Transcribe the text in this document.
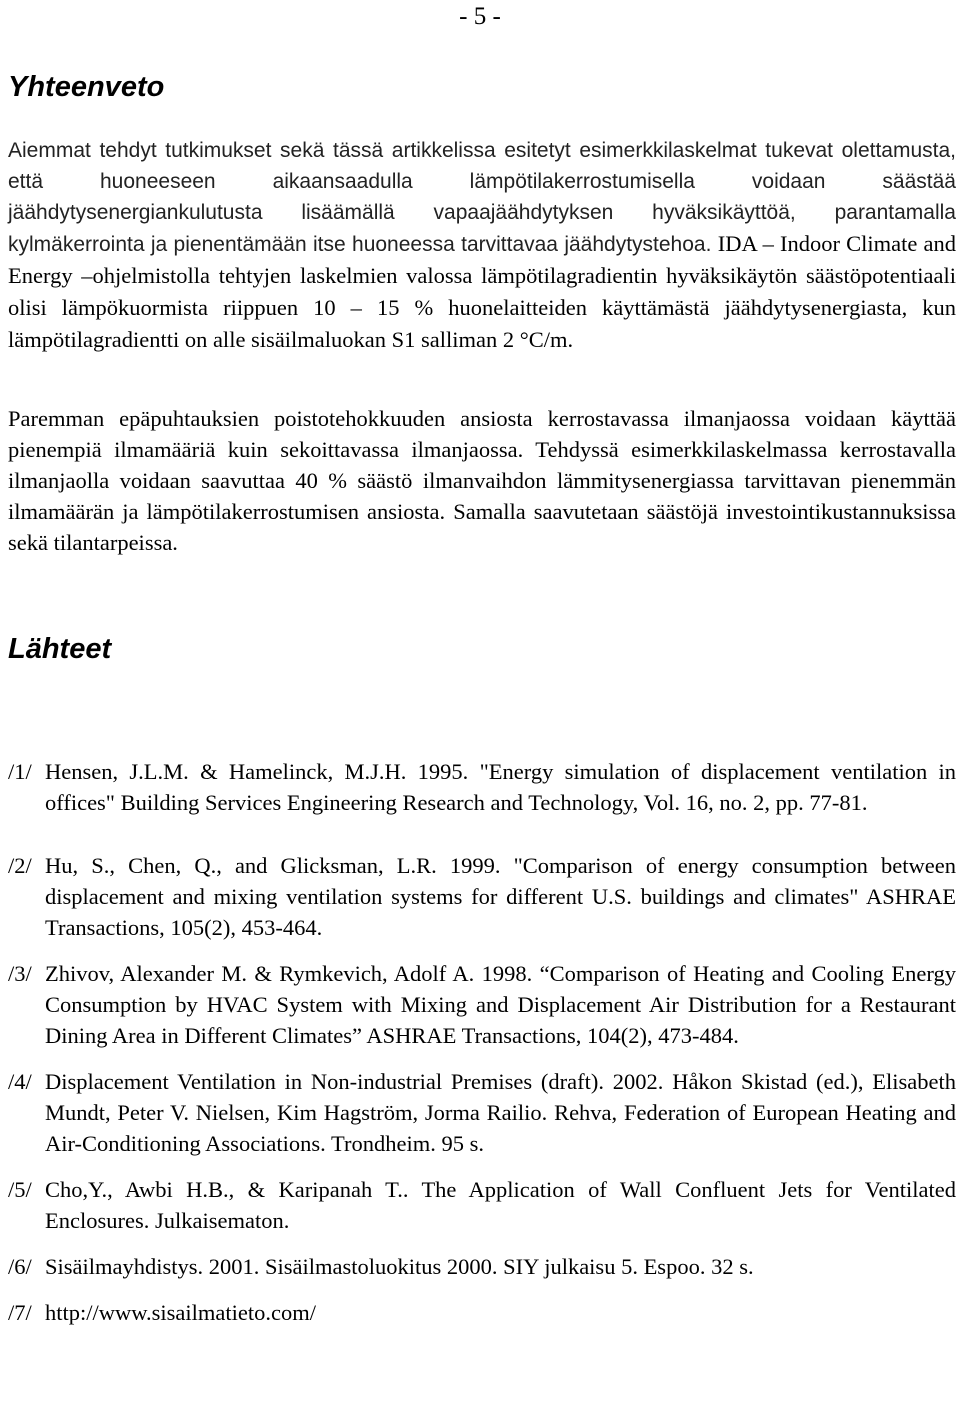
- 5 -
Yhteenveto

Aiemmat tehdyt tutkimukset sekä tässä artikkelissa esitetyt esimerkkilaskelmat tukevat olettamusta, että huoneeseen aikaansaadulla lämpötilakerrostumisella voidaan säästää jäähdytysenergiankulutusta lisäämällä vapaajäähdytyksen hyväksikäyttöä, parantamalla kylmäkerrointa ja pienentämään itse huoneessa tarvittavaa jäähdytystehoa. IDA – Indoor Climate and Energy –ohjelmistolla tehtyjen laskelmien valossa lämpötilagradientin hyväksikäytön säästöpotentiaali olisi lämpökuormista riippuen 10 – 15 % huonelaitteiden käyttämästä jäähdytysenergiasta, kun lämpötilagradientti on alle sisäilmaluokan S1 salliman 2 °C/m.

Paremman epäpuhtauksien poistotehokkuuden ansiosta kerrostavassa ilmanjaossa voidaan käyttää pienempiä ilmamääriä kuin sekoittavassa ilmanjaossa. Tehdyssä esimerkkilaskelmassa kerrostavalla ilmanjaolla voidaan saavuttaa 40 % säästö ilmanvaihdon lämmitysenergiassa tarvittavan pienemmän ilmamäärän ja lämpötilakerrostumisen ansiosta. Samalla saavutetaan säästöjä investointikustannuksissa sekä tilantarpeissa.

Lähteet
/1/ Hensen, J.L.M. & Hamelinck, M.J.H. 1995. "Energy simulation of displacement ventilation in offices" Building Services Engineering Research and Technology, Vol. 16, no. 2, pp. 77-81.
/2/ Hu, S., Chen, Q., and Glicksman, L.R. 1999. "Comparison of energy consumption between displacement and mixing ventilation systems for different U.S. buildings and climates" ASHRAE Transactions, 105(2), 453-464.
/3/ Zhivov, Alexander M. & Rymkevich, Adolf A. 1998. “Comparison of Heating and Cooling Energy Consumption by HVAC System with Mixing and Displacement Air Distribution for a Restaurant Dining Area in Different Climates” ASHRAE Transactions, 104(2), 473-484.
/4/ Displacement Ventilation in Non-industrial Premises (draft). 2002. Håkon Skistad (ed.), Elisabeth Mundt, Peter V. Nielsen, Kim Hagström, Jorma Railio. Rehva, Federation of European Heating and Air-Conditioning Associations. Trondheim. 95 s.
/5/ Cho,Y., Awbi H.B., & Karipanah T.. The Application of Wall Confluent Jets for Ventilated Enclosures. Julkaisematon.
/6/ Sisäilmayhdistys. 2001. Sisäilmastoluokitus 2000. SIY julkaisu 5. Espoo. 32 s.
/7/ http://www.sisailmatieto.com/
